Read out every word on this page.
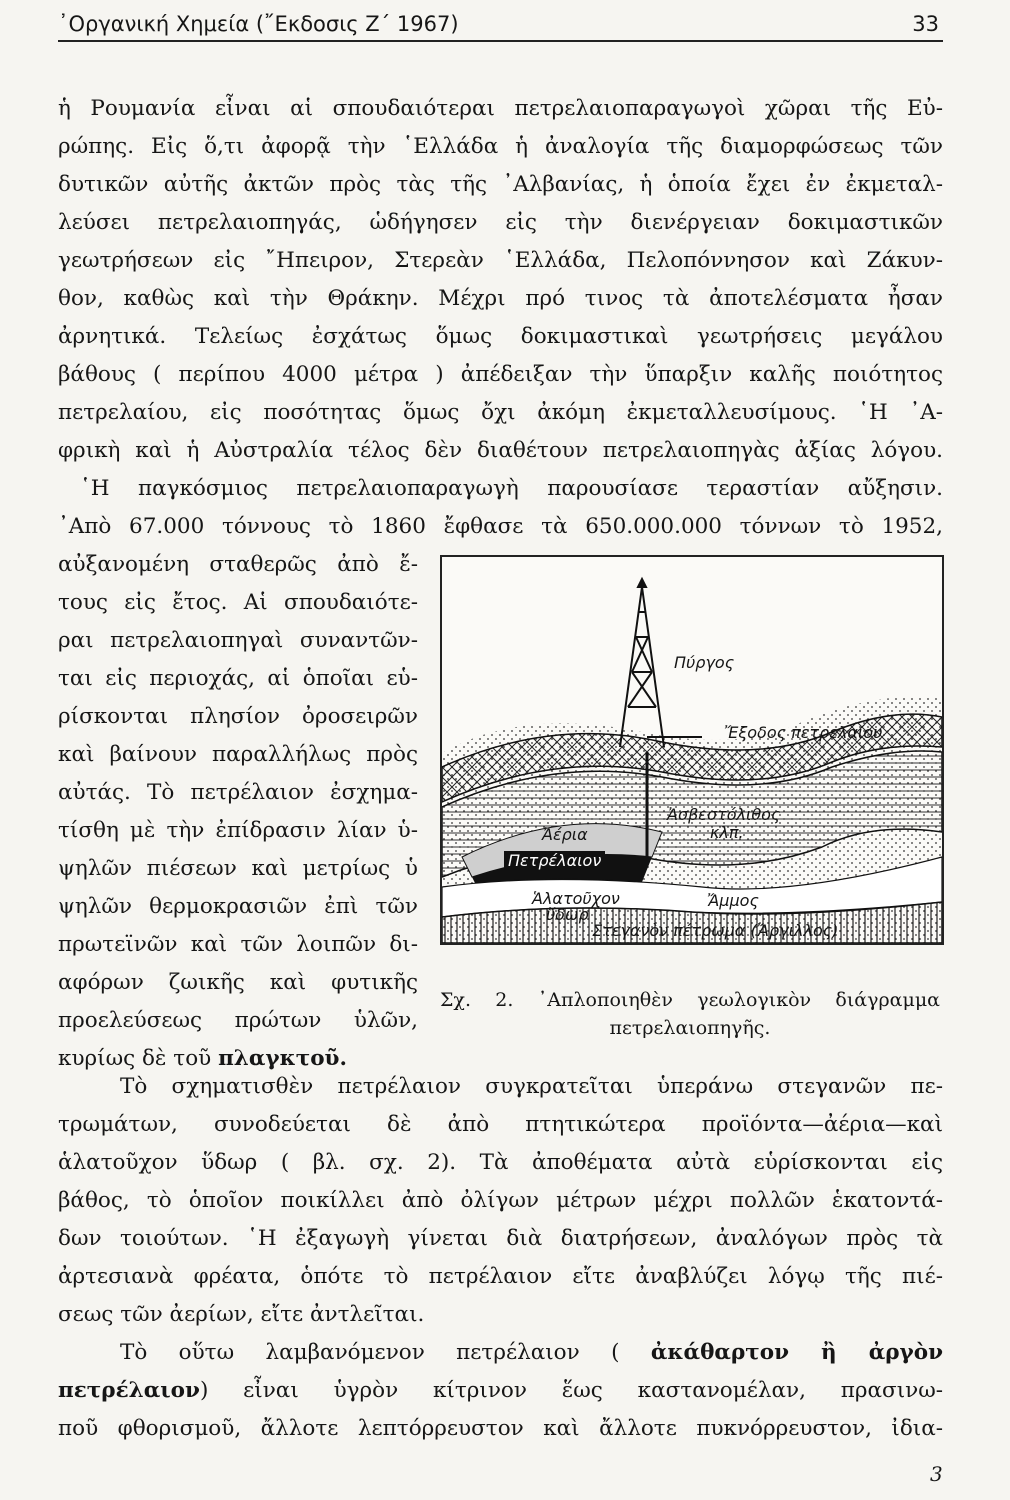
᾿Οργανική Χημεία (῎Εκδοσις Ζ΄ 1967)	33

ἡ Ρουμανία εἶναι αἱ σπουδαιότεραι πετρελαιοπαραγωγοὶ χῶραι τῆς Εὐ-

ρώπης. Εἰς ὅ,τι ἀφορᾷ τὴν ῾Ελλάδα ἡ ἀναλογία τῆς διαμορφώσεως τῶν

δυτικῶν αὐτῆς ἀκτῶν πρὸς τὰς τῆς ᾿Αλβανίας, ἡ ὁποία ἔχει ἐν ἐκμεταλ-

λεύσει πετρελαιοπηγάς, ὡδήγησεν εἰς τὴν διενέργειαν δοκιμαστικῶν

γεωτρήσεων εἰς ῎Ηπειρον, Στερεὰν ῾Ελλάδα, Πελοπόννησον καὶ Ζάκυν-

θον, καθὼς καὶ τὴν Θράκην. Μέχρι πρό τινος τὰ ἀποτελέσματα ἦσαν

ἀρνητικά. Τελείως ἐσχάτως ὅμως δοκιμαστικαὶ γεωτρήσεις μεγάλου

βάθους ( περίπου 4000 μέτρα ) ἀπέδειξαν τὴν ὕπαρξιν καλῆς ποιότητος

πετρελαίου, εἰς ποσότητας ὅμως ὄχι ἀκόμη ἐκμεταλλευσίμους. ῾Η ᾿Α-

φρικὴ καὶ ἡ Αὐστραλία τέλος δὲν διαθέτουν πετρελαιοπηγὰς ἀξίας λόγου.

῾Η παγκόσμιος πετρελαιοπαραγωγὴ παρουσίασε τεραστίαν αὔξησιν.

᾿Απὸ 67.000 τόννους τὸ 1860 ἔφθασε τὰ 650.000.000 τόννων τὸ 1952,

αὐξανομένη σταθερῶς ἀπὸ ἔ-

τους εἰς ἔτος. Αἱ σπουδαιότε-

ραι πετρελαιοπηγαὶ συναντῶν-

ται εἰς περιοχάς, αἱ ὁποῖαι εὑ-

ρίσκονται πλησίον ὀροσειρῶν

καὶ βαίνουν παραλλήλως πρὸς

αὐτάς. Τὸ πετρέλαιον ἐσχημα-

τίσθη μὲ τὴν ἐπίδρασιν λίαν ὑ-

ψηλῶν πιέσεων καὶ μετρίως ὑ

ψηλῶν θερμοκρασιῶν ἐπὶ τῶν

πρωτεϊνῶν καὶ τῶν λοιπῶν δι-

αφόρων ζωικῆς καὶ φυτικῆς

προελεύσεως πρώτων ὑλῶν,

κυρίως δὲ τοῦ πλαγκτοῦ.

Πύργος
Ἔξοδος πετρελαίου
Ἀσβεστόλιθος
κλπ.
Ἀέρια
Πετρέλαιον
Ἁλατοῦχον
ὕδωρ
Ἄμμος
Στεγανὸν πέτρωμα (Ἄργιλλος)
Σχ. 2. ᾿Απλοποιηθὲν γεωλογικὸν διάγραμμα
πετρελαιοπηγῆς.

Τὸ σχηματισθὲν πετρέλαιον συγκρατεῖται ὑπεράνω στεγανῶν πε-

τρωμάτων, συνοδεύεται δὲ ἀπὸ πτητικώτερα προϊόντα—ἀέρια—καὶ

ἁλατοῦχον ὕδωρ ( βλ. σχ. 2). Τὰ ἀποθέματα αὐτὰ εὑρίσκονται εἰς

βάθος, τὸ ὁποῖον ποικίλλει ἀπὸ ὀλίγων μέτρων μέχρι πολλῶν ἑκατοντά-

δων τοιούτων. ῾Η ἐξαγωγὴ γίνεται διὰ διατρήσεων, ἀναλόγων πρὸς τὰ

ἀρτεσιανὰ φρέατα, ὁπότε τὸ πετρέλαιον εἴτε ἀναβλύζει λόγῳ τῆς πιέ-

σεως τῶν ἀερίων, εἴτε ἀντλεῖται.

Τὸ οὕτω λαμβανόμενον πετρέλαιον ( ἀκάθαρτον ἢ ἀργὸν

πετρέλαιον) εἶναι ὑγρὸν κίτρινον ἕως καστανομέλαν, πρασινω-

ποῦ φθορισμοῦ, ἄλλοτε λεπτόρρευστον καὶ ἄλλοτε πυκνόρρευστον, ἰδια-

3
